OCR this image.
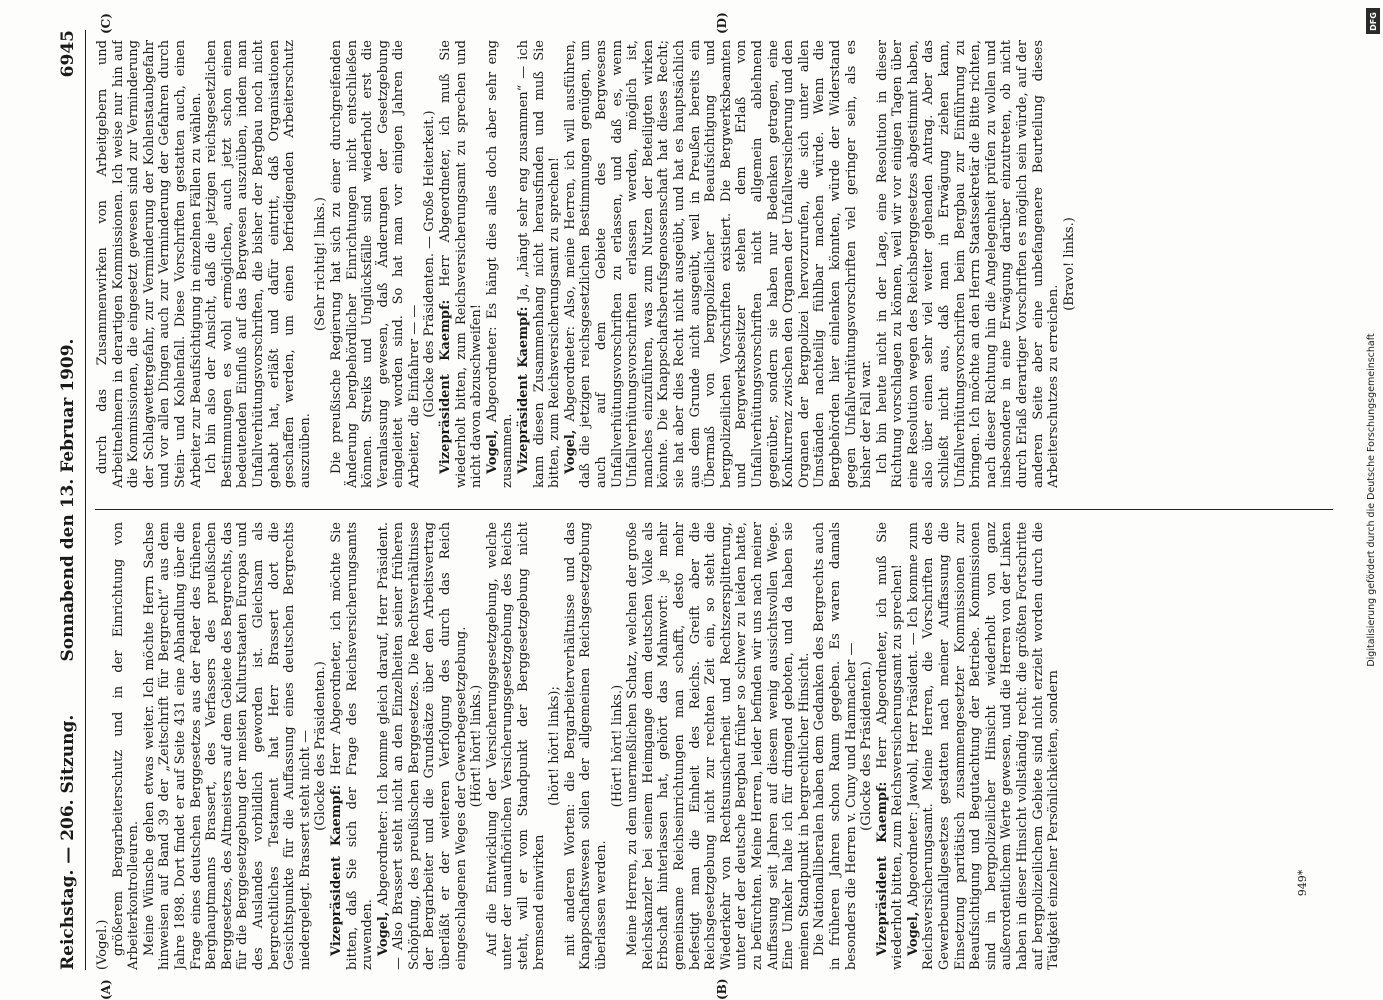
Reichstag. — 206. Sitzung.
Sonnabend den 13. Februar 1909.
6945
(A)	(B)
(C)	(D)

(Vogel.) größerem Bergarbeiterschutz und in der Einrichtung von Arbeiterkontrolleuren. Meine Wünsche gehen etwas weiter. Ich möchte Herrn Sachse hinweisen auf Band 39 der „Zeitschrift für Bergrecht“ aus dem Jahre 1898. Dort findet er auf Seite 431 eine Abhandlung über die Frage eines deutschen Berggesetzes aus der Feder des früheren Berghauptmanns Brassert, des Verfassers des preußischen Berggesetzes, des Altmeisters auf dem Gebiete des Bergrechts, das für die Berggesetzgebung der meisten Kulturstaaten Europas und des Auslandes vorbildlich geworden ist. Gleichsam als bergrechtliches Testament hat Herr Brassert dort die Gesichtspunkte für die Auffassung eines deutschen Bergrechts niedergelegt. Brassert steht nicht — (Glocke des Präsidenten.)

Vizepräsident Kaempf: Herr Abgeordneter, ich möchte Sie bitten, daß Sie sich der Frage des Reichsversicherungsamts zuwenden. Vogel, Abgeordneter: Ich komme gleich darauf, Herr Präsident. — Also Brassert steht nicht an den Einzelheiten seiner früheren Schöpfung, des preußischen Berggesetzes. Die Rechtsverhältnisse der Bergarbeiter und die Grundsätze über den Arbeitsvertrag überläßt er der weiteren Verfolgung des durch das Reich eingeschlagenen Weges der Gewerbegesetzgebung. (Hört! hört! links.) Auf die Entwicklung der Versicherungsgesetzgebung, welche unter der unaufhörlichen Versicherungsgesetzgebung des Reichs steht, will er vom Standpunkt der Berggesetzgebung nicht bremsend einwirken

(hört! hört! links); mit anderen Worten: die Bergarbeiterverhältnisse und das Knappschaftswesen sollen der allgemeinen Reichsgesetzgebung überlassen werden.

(Hört! hört! links.) Meine Herren, zu dem unermeßlichen Schatz, welchen der große Reichskanzler bei seinem Heimgange dem deutschen Volke als Erbschaft hinterlassen hat, gehört das Mahnwort: je mehr gemeinsame Reichseinrichtungen man schafft, desto mehr befestigt man die Einheit des Reichs. Greift aber die Reichsgesetzgebung nicht zur rechten Zeit ein, so steht die Wiederkehr von Rechtsunsicherheit und Rechtszersplitterung, unter der der deutsche Bergbau früher so schwer zu leiden hatte, zu befürchten. Meine Herren, leider befinden wir uns nach meiner Auffassung seit Jahren auf diesem wenig aussichtsvollen Wege. Eine Umkehr halte ich für dringend geboten, und da haben sie meinen Standpunkt in bergrechtlicher Hinsicht. Die Nationalliberalen haben dem Gedanken des Bergrechts auch in früheren Jahren schon Raum gegeben. Es waren damals besonders die Herren v. Cuny und Hammacher — (Glocke des Präsidenten.)

Vizepräsident Kaempf: Herr Abgeordneter, ich muß Sie wiederholt bitten, zum Reichsversicherungsamt zu sprechen! Vogel, Abgeordneter: Jawohl, Herr Präsident. — Ich komme zum Reichsversicherungsamt. Meine Herren, die Vorschriften des Gewerbeunfallgesetzes gestatten nach meiner Auffassung die Einsetzung paritätisch zusammengesetzter Kommissionen zur Beaufsichtigung und Begutachtung der Betriebe. Kommissionen sind in bergpolizeilicher Hinsicht wiederholt von ganz außerordentlichem Werte gewesen, und die Herren von der Linken haben in dieser Hinsicht vollständig recht: die größten Fortschritte auf bergpolizeilichem Gebiete sind nicht erzielt worden durch die Tätigkeit einzelner Persönlichkeiten, sondern

durch das Zusammenwirken von Arbeitgebern und Arbeitnehmern in derartigen Kommissionen. Ich weise nur hin auf die Kommissionen, die eingesetzt gewesen sind zur Verminderung der Schlagwettergefahr, zur Verminderung der Kohlenstaubgefahr und vor allen Dingen auch zur Verminderung der Gefahren durch Stein- und Kohlenfall. Diese Vorschriften gestatten auch, einen Arbeiter zur Beaufsichtigung in einzelnen Fällen zu wählen. Ich bin also der Ansicht, daß die jetzigen reichsgesetzlichen Bestimmungen es wohl ermöglichen, auch jetzt schon einen bedeutenden Einfluß auf das Bergwesen auszuüben, indem man Unfallverhütungsvorschriften, die bisher der Bergbau noch nicht gehabt hat, erläßt und dafür eintritt, daß Organisationen geschaffen werden, um einen befriedigenden Arbeiterschutz auszuüben.

(Sehr richtig! links.) Die preußische Regierung hat sich zu einer durchgreifenden Änderung bergbehördlicher Einrichtungen nicht entschließen können. Streiks und Unglücksfälle sind wiederholt erst die Veranlassung gewesen, daß Änderungen der Gesetzgebung eingeleitet worden sind. So hat man vor einigen Jahren die Arbeiter, die Einfahrer — — (Glocke des Präsidenten. — Große Heiterkeit.) Vizepräsident Kaempf: Herr Abgeordneter, ich muß Sie wiederholt bitten, zum Reichsversicherungsamt zu sprechen und nicht davon abzuschweifen! Vogel, Abgeordneter: Es hängt dies alles doch aber sehr eng zusammen. Vizepräsident Kaempf: Ja, „hängt sehr eng zusammen“ — ich kann diesen Zusammenhang nicht herausfinden und muß Sie bitten, zum Reichsversicherungsamt zu sprechen! Vogel, Abgeordneter: Also, meine Herren, ich will ausführen, daß die jetzigen reichsgesetzlichen Bestimmungen genügen, um auch auf dem Gebiete des Bergwesens Unfallverhütungsvorschriften zu erlassen, und daß es, wenn Unfallverhütungsvorschriften erlassen werden, möglich ist, manches einzuführen, was zum Nutzen der Beteiligten wirken könnte. Die Knappschaftsberufsgenossenschaft hat dieses Recht; sie hat aber dies Recht nicht ausgeübt, und hat es hauptsächlich aus dem Grunde nicht ausgeübt, weil in Preußen bereits ein Übermaß von bergpolizeilicher Beaufsichtigung und bergpolizeilichen Vorschriften existiert. Die Bergwerksbeamten und Bergwerksbesitzer stehen dem Erlaß von Unfallverhütungsvorschriften nicht allgemein ablehnend gegenüber, sondern sie haben nur Bedenken getragen, eine Konkurrenz zwischen den Organen der Unfallversicherung und den Organen der Bergpolizei hervorzurufen, die sich unter allen Umständen nachteilig fühlbar machen würde. Wenn die Bergbehörden hier einlenken könnten, würde der Widerstand gegen Unfallverhütungsvorschriften viel geringer sein, als es bisher der Fall war. Ich bin heute nicht in der Lage, eine Resolution in dieser Richtung vorschlagen zu können, weil wir vor einigen Tagen über eine Resolution wegen des Reichsberggesetzes abgestimmt haben, also über einen sehr viel weiter gehenden Antrag. Aber das schließt nicht aus, daß man in Erwägung ziehen kann, Unfallverhütungsvorschriften beim Bergbau zur Einführung zu bringen. Ich möchte an den Herrn Staatssekretär die Bitte richten, nach dieser Richtung hin die Angelegenheit prüfen zu wollen und insbesondere in eine Erwägung darüber einzutreten, ob nicht durch Erlaß derartiger Vorschriften es möglich sein würde, auf der anderen Seite aber eine unbefangenere Beurteilung dieses Arbeiterschutzes zu erreichen.

(Bravo! links.)

949*
DFG
Digitalisierung gefördert durch die Deutsche Forschungsgemeinschaft
